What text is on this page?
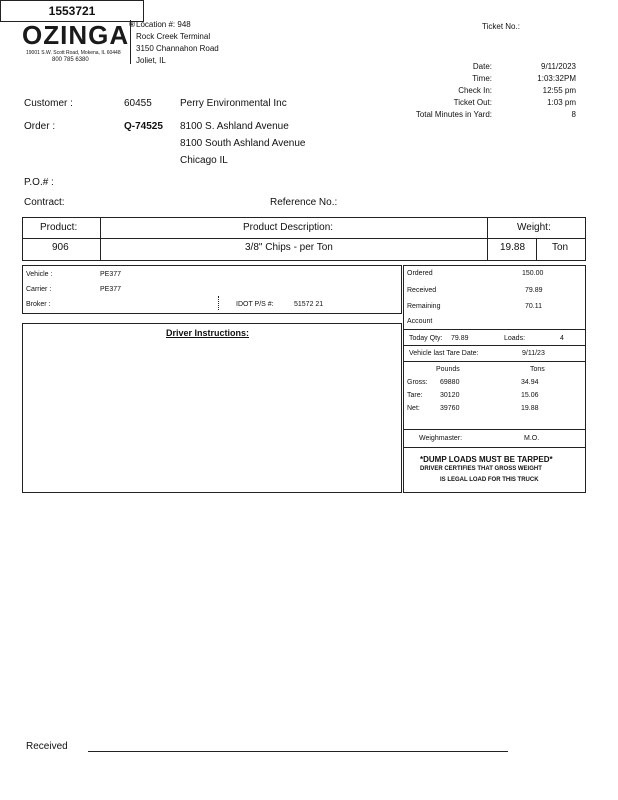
OZINGA®
19001 S.W. Scott Road, Mokena, IL 60448
800 785 6380
Location #: 948
Rock Creek Terminal
3150 Channahon Road
Joliet, IL
Ticket No.:
1553721
Date:	9/11/2023
Time:	1:03:32PM
Check In:	12:55 pm
Ticket Out:	1:03 pm
Total Minutes in Yard:	8
Customer :	60455	Perry Environmental Inc
Order :	Q-74525 8100 S. Ashland Avenue
8100 South Ashland Avenue
Chicago IL
P.O.# :
Contract:	Reference No.:
Product:	Product Description:	Weight:
906	3/8" Chips - per Ton	19.88	Ton
Vehicle :	PE377
Carrier :	PE377
Broker :	IDOT P/S #:	51572 21
Driver Instructions:
Ordered	150.00
Received	79.89
Remaining	70.11
Account
Today Qty: 79.89	Loads:	4
Vehicle last Tare Date:	9/11/23
Pounds	Tons
Gross: 69880	34.94
Tare: 30120	15.06
Net:	39760	19.88
Weighmaster:	M.O.
*DUMP LOADS MUST BE TARPED*
DRIVER CERTIFIES THAT GROSS WEIGHT
IS LEGAL LOAD FOR THIS TRUCK
Received
